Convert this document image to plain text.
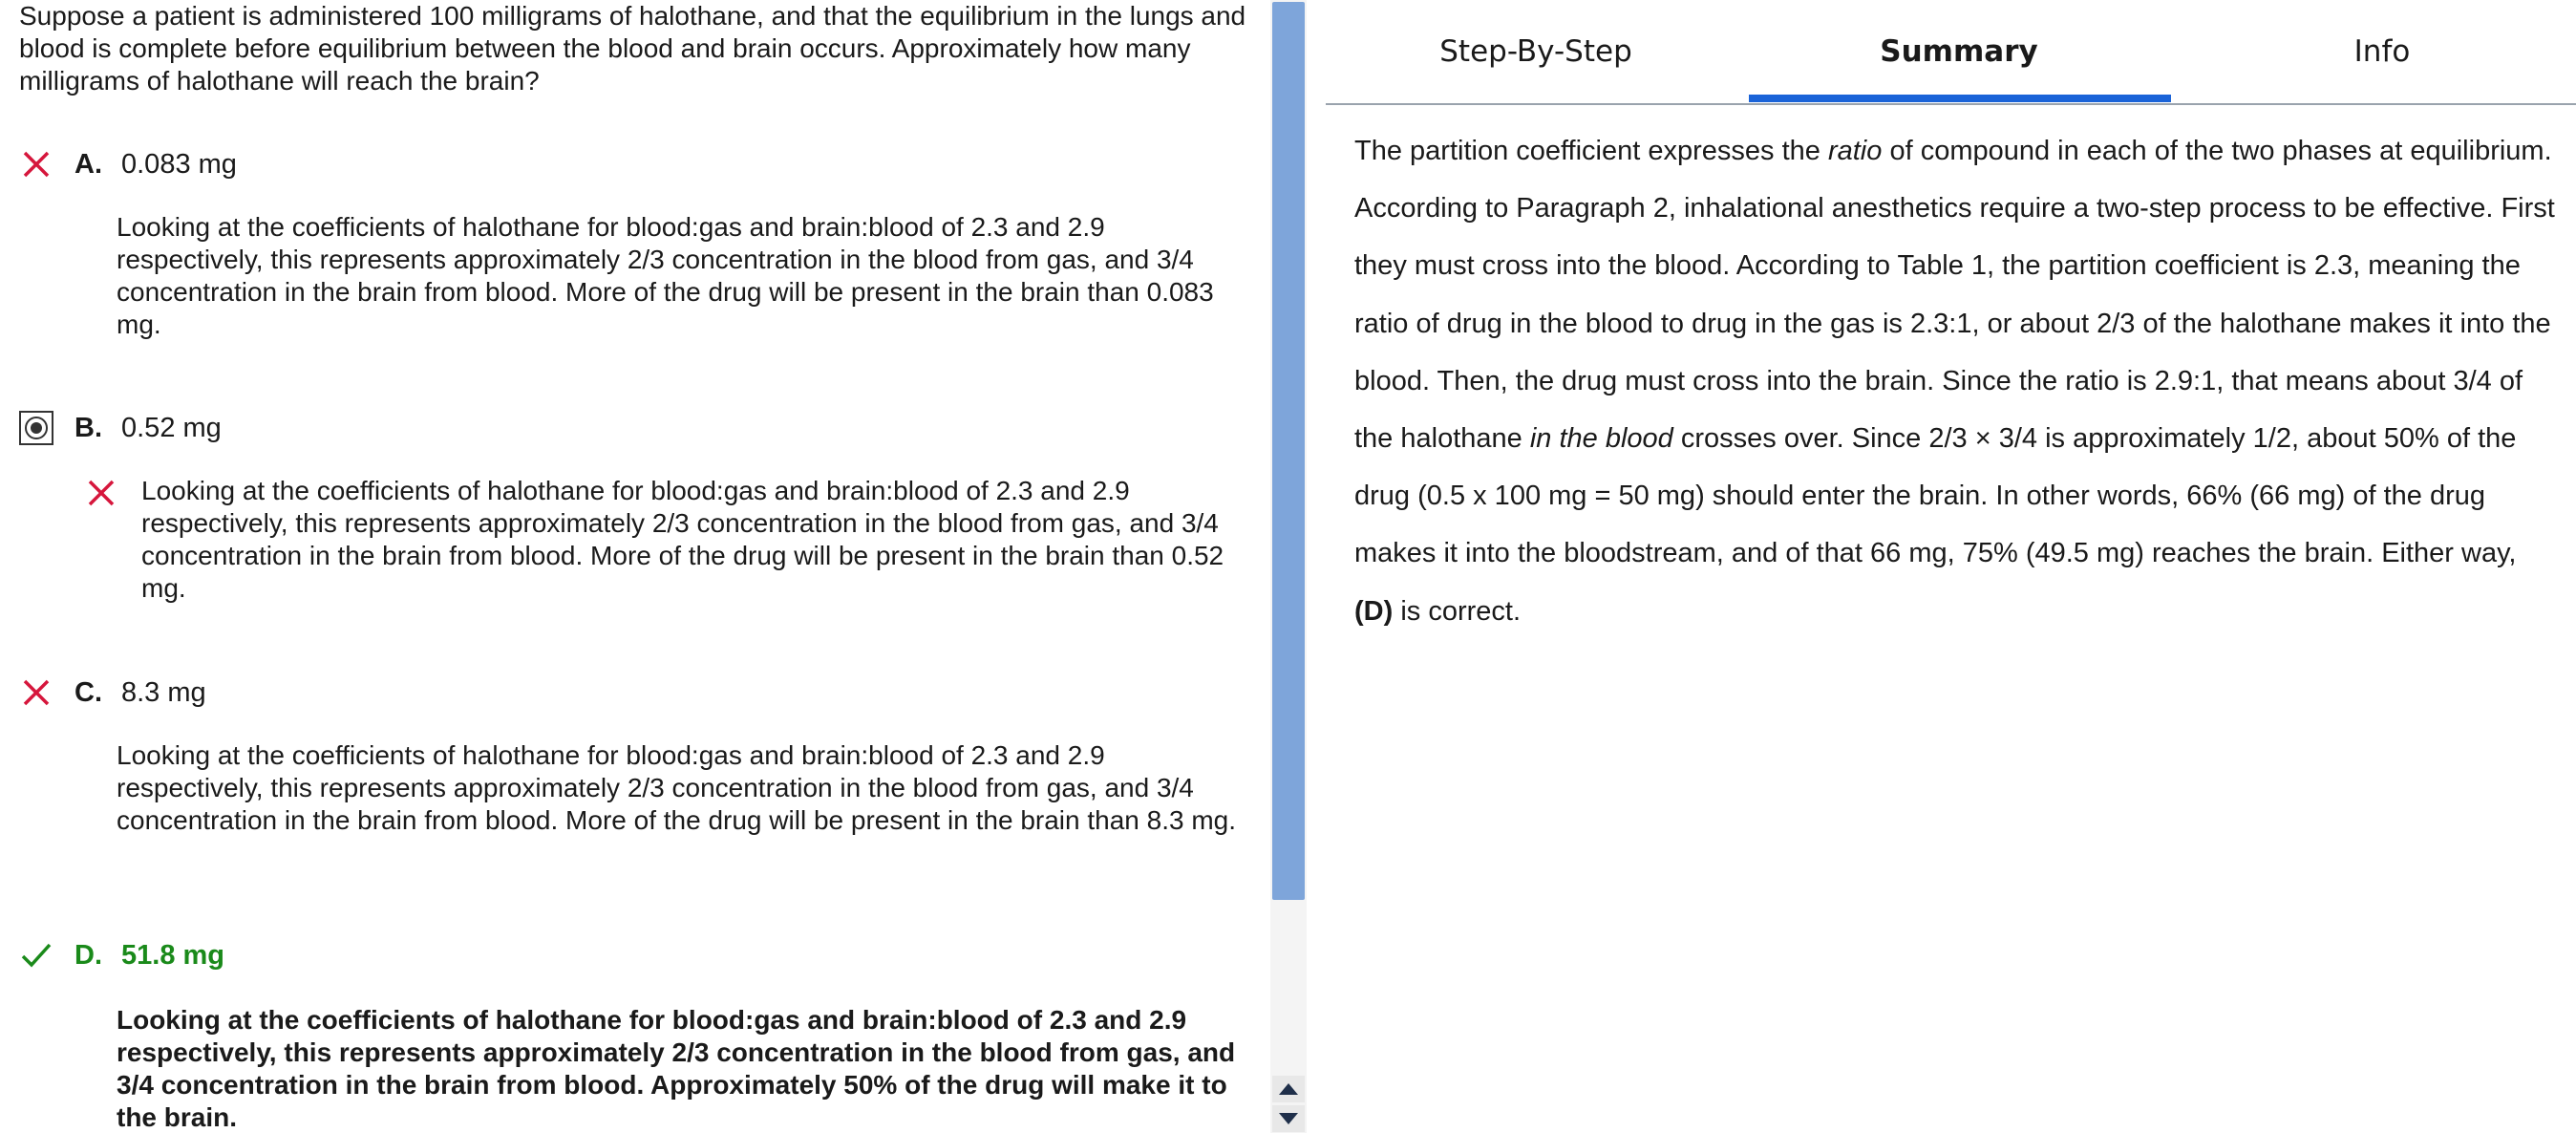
Suppose a patient is administered 100 milligrams of halothane, and that the equilibrium in the lungs and blood is complete before equilibrium between the blood and brain occurs. Approximately how many milligrams of halothane will reach the brain?
A. 0.083 mg
Looking at the coefficients of halothane for blood:gas and brain:blood of 2.3 and 2.9 respectively, this represents approximately 2/3 concentration in the blood from gas, and 3/4 concentration in the brain from blood. More of the drug will be present in the brain than 0.083 mg.
B. 0.52 mg
Looking at the coefficients of halothane for blood:gas and brain:blood of 2.3 and 2.9 respectively, this represents approximately 2/3 concentration in the blood from gas, and 3/4 concentration in the brain from blood. More of the drug will be present in the brain than 0.52 mg.
C. 8.3 mg
Looking at the coefficients of halothane for blood:gas and brain:blood of 2.3 and 2.9 respectively, this represents approximately 2/3 concentration in the blood from gas, and 3/4 concentration in the brain from blood. More of the drug will be present in the brain than 8.3 mg.
D. 51.8 mg
Looking at the coefficients of halothane for blood:gas and brain:blood of 2.3 and 2.9 respectively, this represents approximately 2/3 concentration in the blood from gas, and 3/4 concentration in the brain from blood. Approximately 50% of the drug will make it to the brain.
Step-By-Step	Summary	Info
The partition coefficient expresses the ratio of compound in each of the two phases at equilibrium. According to Paragraph 2, inhalational anesthetics require a two-step process to be effective. First they must cross into the blood. According to Table 1, the partition coefficient is 2.3, meaning the ratio of drug in the blood to drug in the gas is 2.3:1, or about 2/3 of the halothane makes it into the blood. Then, the drug must cross into the brain. Since the ratio is 2.9:1, that means about 3/4 of the halothane in the blood crosses over. Since 2/3 × 3/4 is approximately 1/2, about 50% of the drug (0.5 x 100 mg = 50 mg) should enter the brain. In other words, 66% (66 mg) of the drug makes it into the bloodstream, and of that 66 mg, 75% (49.5 mg) reaches the brain. Either way, (D) is correct.
